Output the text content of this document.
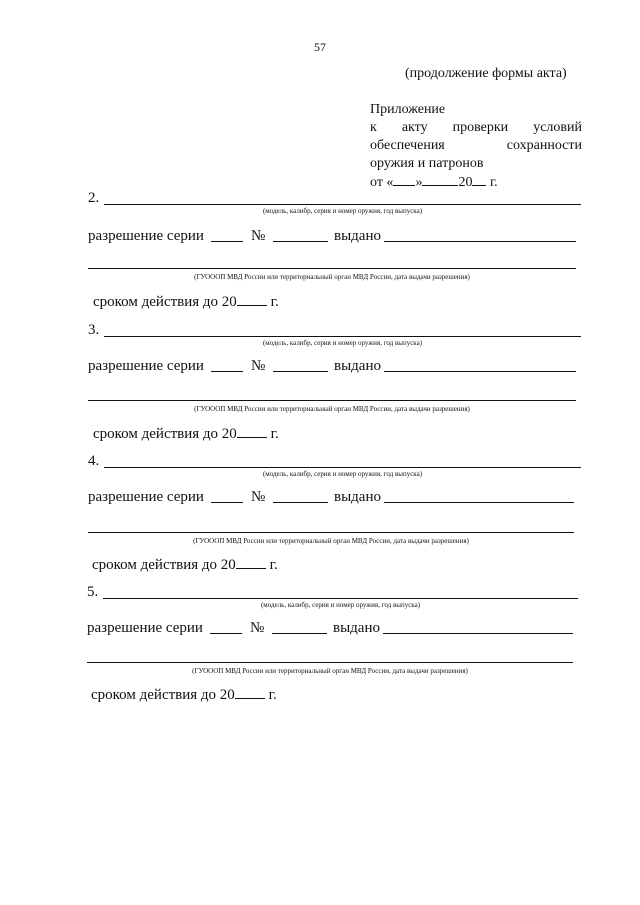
57
(продолжение формы акта)
Приложение
к акту проверки условий
обеспечения	сохранности
оружия и патронов
от « »	20 г.
2.
(модель, калибр, серия и номер оружия, год выпуска)
разрешение серии	№	выдано
(ГУОООП МВД России или территориальный орган МВД России, дата выдачи разрешения)
сроком действия до 20 г.
3.
(модель, калибр, серия и номер оружия, год выпуска)
разрешение серии	№	выдано
(ГУОООП МВД России или территориальный орган МВД России, дата выдачи разрешения)
сроком действия до 20 г.
4.
(модель, калибр, серия и номер оружия, год выпуска)
разрешение серии	№	выдано
(ГУОООП МВД России или территориальный орган МВД России, дата выдачи разрешения)
сроком действия до 20 г.
5.
(модель, калибр, серия и номер оружия, год выпуска)
разрешение серии	№	выдано
(ГУОООП МВД России или территориальный орган МВД России, дата выдачи разрешения)
сроком действия до 20 г.
